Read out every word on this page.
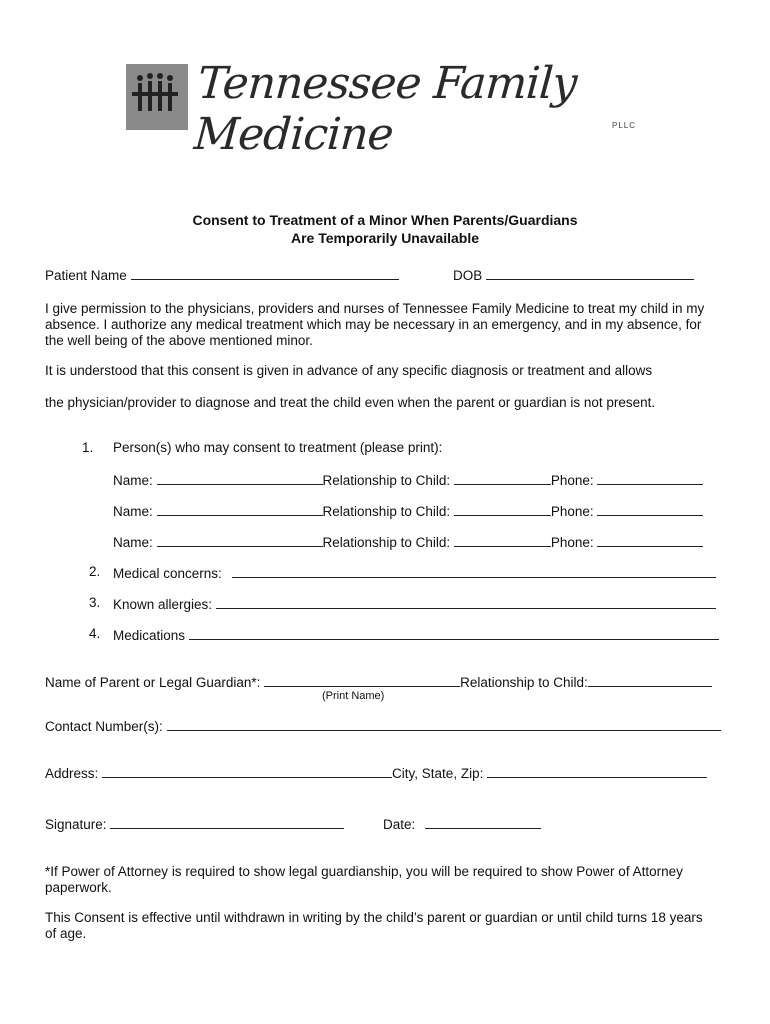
Tennessee Family Medicine	PLLC
Consent to Treatment of a Minor When Parents/Guardians
Are Temporarily Unavailable
Patient Name	DOB
I give permission to the physicians, providers and nurses of Tennessee Family Medicine to treat my child in my
absence. I authorize any medical treatment which may be necessary in an emergency, and in my absence, for
the well being of the above mentioned minor.
It is understood that this consent is given in advance of any specific diagnosis or treatment and allows
the physician/provider to diagnose and treat the child even when the parent or guardian is not present.
1. Person(s) who may consent to treatment (please print):
Name:	Relationship to Child:	Phone:
Name:	Relationship to Child:	Phone:
Name:	Relationship to Child:	Phone:
2. Medical concerns:
3. Known allergies:
4. Medications
Name of Parent or Legal Guardian*:	Relationship to Child:
(Print Name)
Contact Number(s):
Address:	City, State, Zip:
Signature:	Date:
*If Power of Attorney is required to show legal guardianship, you will be required to show Power of Attorney
paperwork.
This Consent is effective until withdrawn in writing by the child’s parent or guardian or until child turns 18 years
of age.
